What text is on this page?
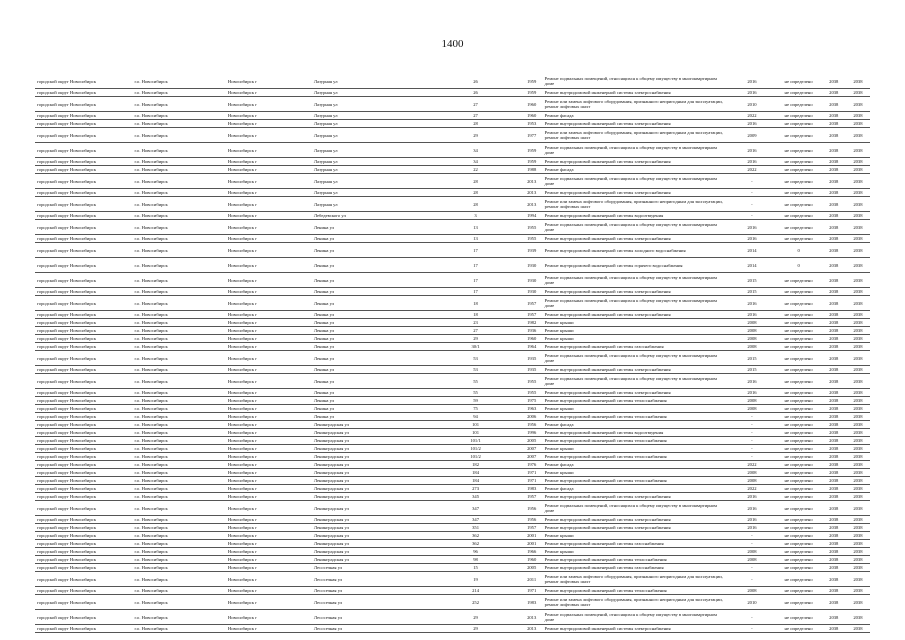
1400
городской округ Новосибирск	г.о. Новосибирск	Новосибирск г	Лазурная ул	26	1959	Ремонт подвальных помещений, относящихся к общему имуществу в многоквартирном доме	2016	не определено	2038	2038
городской округ Новосибирск	г.о. Новосибирск	Новосибирск г	Лазурная ул	26	1959	Ремонт внутридомовой инженерной системы электроснабжения	2016	не определено	2038	2038
городской округ Новосибирск	г.о. Новосибирск	Новосибирск г	Лазурная ул	27	1960	Ремонт или замена лифтового оборудования, признанного непригодным для эксплуатации, ремонт лифтовых шахт	2010	не определено	2038	2038
городской округ Новосибирск	г.о. Новосибирск	Новосибирск г	Лазурная ул	27	1960	Ремонт фасада	2022	не определено	2038	2038
городской округ Новосибирск	г.о. Новосибирск	Новосибирск г	Лазурная ул	28	1953	Ремонт внутридомовой инженерной системы электроснабжения	2016	не определено	2038	2038
городской округ Новосибирск	г.о. Новосибирск	Новосибирск г	Лазурная ул	29	1977	Ремонт или замена лифтового оборудования, признанного непригодным для эксплуатации, ремонт лифтовых шахт	2009	не определено	2038	2038
городской округ Новосибирск	г.о. Новосибирск	Новосибирск г	Лазурная ул	34	1959	Ремонт подвальных помещений, относящихся к общему имуществу в многоквартирном доме	2016	не определено	2038	2038
городской округ Новосибирск	г.о. Новосибирск	Новосибирск г	Лазурная ул	34	1959	Ремонт внутридомовой инженерной системы электроснабжения	2016	не определено	2038	2038
городской округ Новосибирск	г.о. Новосибирск	Новосибирск г	Лазурная ул	22	1988	Ремонт фасада	2022	не определено	2038	2038
городской округ Новосибирск	г.о. Новосибирск	Новосибирск г	Лазурная ул	28	2013	Ремонт подвальных помещений, относящихся к общему имуществу в многоквартирном доме	-	не определено	2038	2038
городской округ Новосибирск	г.о. Новосибирск	Новосибирск г	Лазурная ул	28	2013	Ремонт внутридомовой инженерной системы электроснабжения	-	не определено	2038	2038
городской округ Новосибирск	г.о. Новосибирск	Новосибирск г	Лазурная ул	28	2013	Ремонт или замена лифтового оборудования, признанного непригодным для эксплуатации, ремонт лифтовых шахт	-	не определено	2038	2038
городской округ Новосибирск	г.о. Новосибирск	Новосибирск г	Лебедевского ул	3	1994	Ремонт внутридомовой инженерной системы водоотведения	-	не определено	2038	2038
городской округ Новосибирск	г.о. Новосибирск	Новосибирск г	Ленина ул	13	1955	Ремонт подвальных помещений, относящихся к общему имуществу в многоквартирном доме	2016	не определено	2038	2038
городской округ Новосибирск	г.о. Новосибирск	Новосибирск г	Ленина ул	13	1955	Ремонт внутридомовой инженерной системы электроснабжения	2016	не определено	2038	2038
городской округ Новосибирск	г.о. Новосибирск	Новосибирск г	Ленина ул	17	1939	Ремонт внутридомовой инженерной системы холодного водоснабжения	2014	0	2038	2038
городской округ Новосибирск	г.о. Новосибирск	Новосибирск г	Ленина ул	17	1930	Ремонт внутридомовой инженерной системы горячего водоснабжения	2014	0	2038	2038
городской округ Новосибирск	г.о. Новосибирск	Новосибирск г	Ленина ул	17	1930	Ремонт подвальных помещений, относящихся к общему имуществу в многоквартирном доме	2015	не определено	2038	2038
городской округ Новосибирск	г.о. Новосибирск	Новосибирск г	Ленина ул	17	1930	Ремонт внутридомовой инженерной системы электроснабжения	2015	не определено	2038	2038
городской округ Новосибирск	г.о. Новосибирск	Новосибирск г	Ленина ул	18	1957	Ремонт подвальных помещений, относящихся к общему имуществу в многоквартирном доме	2016	не определено	2038	2038
городской округ Новосибирск	г.о. Новосибирск	Новосибирск г	Ленина ул	18	1957	Ремонт внутридомовой инженерной системы электроснабжения	2016	не определено	2038	2038
городской округ Новосибирск	г.о. Новосибирск	Новосибирск г	Ленина ул	23	1982	Ремонт крыши	2008	не определено	2038	2038
городской округ Новосибирск	г.о. Новосибирск	Новосибирск г	Ленина ул	27	1936	Ремонт крыши	2008	не определено	2038	2038
городской округ Новосибирск	г.о. Новосибирск	Новосибирск г	Ленина ул	29	1960	Ремонт крыши	2008	не определено	2038	2038
городской округ Новосибирск	г.о. Новосибирск	Новосибирск г	Ленина ул	30/1	1964	Ремонт внутридомовой инженерной системы газоснабжения	2008	не определено	2038	2038
городской округ Новосибирск	г.о. Новосибирск	Новосибирск г	Ленина ул	53	1935	Ремонт подвальных помещений, относящихся к общему имуществу в многоквартирном доме	2015	не определено	2038	2038
городской округ Новосибирск	г.о. Новосибирск	Новосибирск г	Ленина ул	53	1935	Ремонт внутридомовой инженерной системы электроснабжения	2015	не определено	2038	2038
городской округ Новосибирск	г.о. Новосибирск	Новосибирск г	Ленина ул	55	1955	Ремонт подвальных помещений, относящихся к общему имуществу в многоквартирном доме	2016	не определено	2038	2038
городской округ Новосибирск	г.о. Новосибирск	Новосибирск г	Ленина ул	55	1955	Ремонт внутридомовой инженерной системы электроснабжения	2016	не определено	2038	2038
городской округ Новосибирск	г.о. Новосибирск	Новосибирск г	Ленина ул	59	1975	Ремонт внутридомовой инженерной системы теплоснабжения	2008	не определено	2038	2038
городской округ Новосибирск	г.о. Новосибирск	Новосибирск г	Ленина ул	75	1963	Ремонт крыши	2008	не определено	2038	2038
городской округ Новосибирск	г.о. Новосибирск	Новосибирск г	Ленина ул	94	2006	Ремонт внутридомовой инженерной системы теплоснабжения	-	не определено	2038	2038
городской округ Новосибирск	г.о. Новосибирск	Новосибирск г	Ленинградская ул	101	1956	Ремонт фасада	-	не определено	2038	2038
городской округ Новосибирск	г.о. Новосибирск	Новосибирск г	Ленинградская ул	101	1996	Ремонт внутридомовой инженерной системы водоотведения	-	не определено	2038	2038
городской округ Новосибирск	г.о. Новосибирск	Новосибирск г	Ленинградская ул	101/1	2005	Ремонт внутридомовой инженерной системы теплоснабжения	-	не определено	2038	2038
городской округ Новосибирск	г.о. Новосибирск	Новосибирск г	Ленинградская ул	101/2	2007	Ремонт крыши	-	не определено	2038	2038
городской округ Новосибирск	г.о. Новосибирск	Новосибирск г	Ленинградская ул	101/2	2007	Ремонт внутридомовой инженерной системы теплоснабжения	-	не определено	2038	2038
городской округ Новосибирск	г.о. Новосибирск	Новосибирск г	Ленинградская ул	182	1976	Ремонт фасада	2022	не определено	2038	2038
городской округ Новосибирск	г.о. Новосибирск	Новосибирск г	Ленинградская ул	184	1971	Ремонт крыши	2008	не определено	2038	2038
городской округ Новосибирск	г.о. Новосибирск	Новосибирск г	Ленинградская ул	184	1971	Ремонт внутридомовой инженерной системы теплоснабжения	2008	не определено	2038	2038
городской округ Новосибирск	г.о. Новосибирск	Новосибирск г	Ленинградская ул	273	1983	Ремонт фасада	2022	не определено	2038	2038
городской округ Новосибирск	г.о. Новосибирск	Новосибирск г	Ленинградская ул	345	1957	Ремонт внутридомовой инженерной системы электроснабжения	2016	не определено	2038	2038
городской округ Новосибирск	г.о. Новосибирск	Новосибирск г	Ленинградская ул	347	1956	Ремонт подвальных помещений, относящихся к общему имуществу в многоквартирном доме	2016	не определено	2038	2038
городской округ Новосибирск	г.о. Новосибирск	Новосибирск г	Ленинградская ул	347	1956	Ремонт внутридомовой инженерной системы электроснабжения	2016	не определено	2038	2038
городской округ Новосибирск	г.о. Новосибирск	Новосибирск г	Ленинградская ул	351	1957	Ремонт внутридомовой инженерной системы электроснабжения	2016	не определено	2038	2038
городской округ Новосибирск	г.о. Новосибирск	Новосибирск г	Ленинградская ул	362	2001	Ремонт крыши	-	не определено	2038	2038
городской округ Новосибирск	г.о. Новосибирск	Новосибирск г	Ленинградская ул	362	2001	Ремонт внутридомовой инженерной системы газоснабжения	-	не определено	2038	2038
городской округ Новосибирск	г.о. Новосибирск	Новосибирск г	Ленинградская ул	96	1966	Ремонт крыши	2008	не определено	2038	2038
городской округ Новосибирск	г.о. Новосибирск	Новосибирск г	Ленинградская ул	98	1960	Ремонт внутридомовой инженерной системы теплоснабжения	2008	не определено	2038	2038
городской округ Новосибирск	г.о. Новосибирск	Новосибирск г	Лесосечная ул	15	2005	Ремонт внутридомовой инженерной системы газоснабжения	-	не определено	2038	2038
городской округ Новосибирск	г.о. Новосибирск	Новосибирск г	Лесосечная ул	19	2011	Ремонт или замена лифтового оборудования, признанного непригодным для эксплуатации, ремонт лифтовых шахт	-	не определено	2038	2038
городской округ Новосибирск	г.о. Новосибирск	Новосибирск г	Лесосечная ул	214	1971	Ремонт внутридомовой инженерной системы теплоснабжения	2008	не определено	2038	2038
городской округ Новосибирск	г.о. Новосибирск	Новосибирск г	Лесосечная ул	252	1983	Ремонт или замена лифтового оборудования, признанного непригодным для эксплуатации, ремонт лифтовых шахт	2010	не определено	2038	2038
городской округ Новосибирск	г.о. Новосибирск	Новосибирск г	Лесосечная ул	29	2013	Ремонт подвальных помещений, относящихся к общему имуществу в многоквартирном доме	-	не определено	2038	2038
городской округ Новосибирск	г.о. Новосибирск	Новосибирск г	Лесосечная ул	29	2013	Ремонт внутридомовой инженерной системы электроснабжения	-	не определено	2038	2038
